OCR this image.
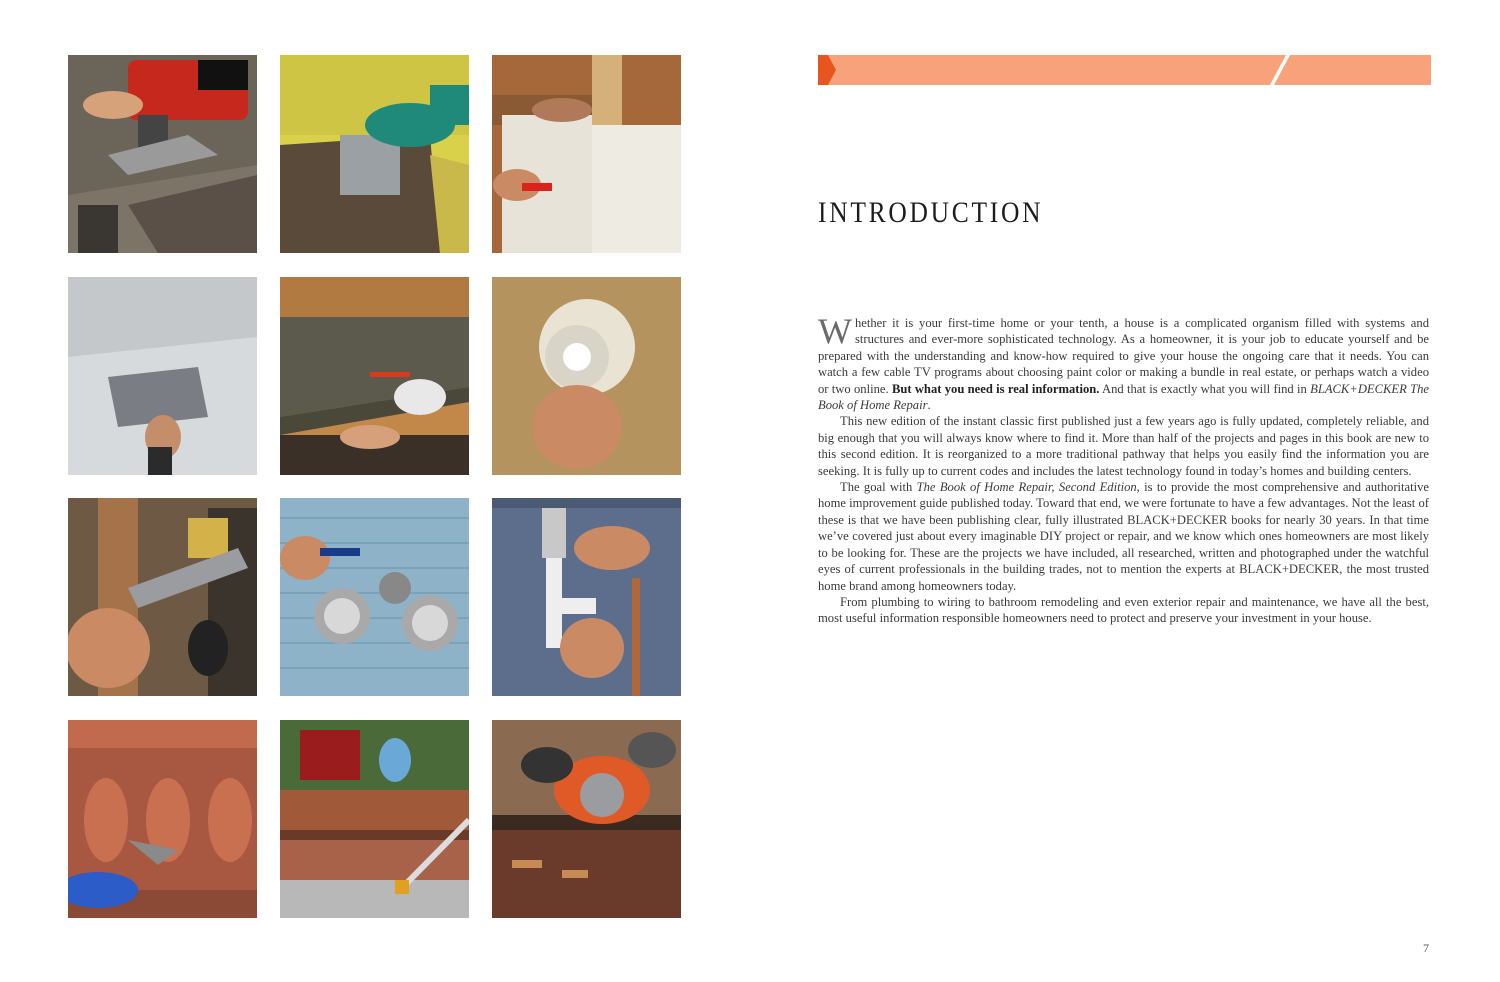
INTRODUCTION

Whether it is your first-time home or your tenth, a house is a complicated organism filled with systems and structures and ever-more sophisticated technology. As a homeowner, it is your job to educate yourself and be prepared with the understanding and know-how required to give your house the ongoing care that it needs. You can watch a few cable TV programs about choosing paint color or making a bundle in real estate, or perhaps watch a video or two online. But what you need is real information. And that is exactly what you will find in BLACK+DECKER The Book of Home Repair.

This new edition of the instant classic first published just a few years ago is fully updated, completely reliable, and big enough that you will always know where to find it. More than half of the projects and pages in this book are new to this second edition. It is reorganized to a more traditional pathway that helps you easily find the information you are seeking. It is fully up to current codes and includes the latest technology found in today’s homes and building centers.

The goal with The Book of Home Repair, Second Edition, is to provide the most comprehensive and authoritative home improvement guide published today. Toward that end, we were fortunate to have a few advantages. Not the least of these is that we have been publishing clear, fully illustrated BLACK+DECKER books for nearly 30 years. In that time we’ve covered just about every imaginable DIY project or repair, and we know which ones homeowners are most likely to be looking for. These are the projects we have included, all researched, written and photographed under the watchful eyes of current professionals in the building trades, not to mention the experts at BLACK+DECKER, the most trusted home brand among homeowners today.

From plumbing to wiring to bathroom remodeling and even exterior repair and maintenance, we have all the best, most useful information responsible homeowners need to protect and preserve your investment in your house.

7
